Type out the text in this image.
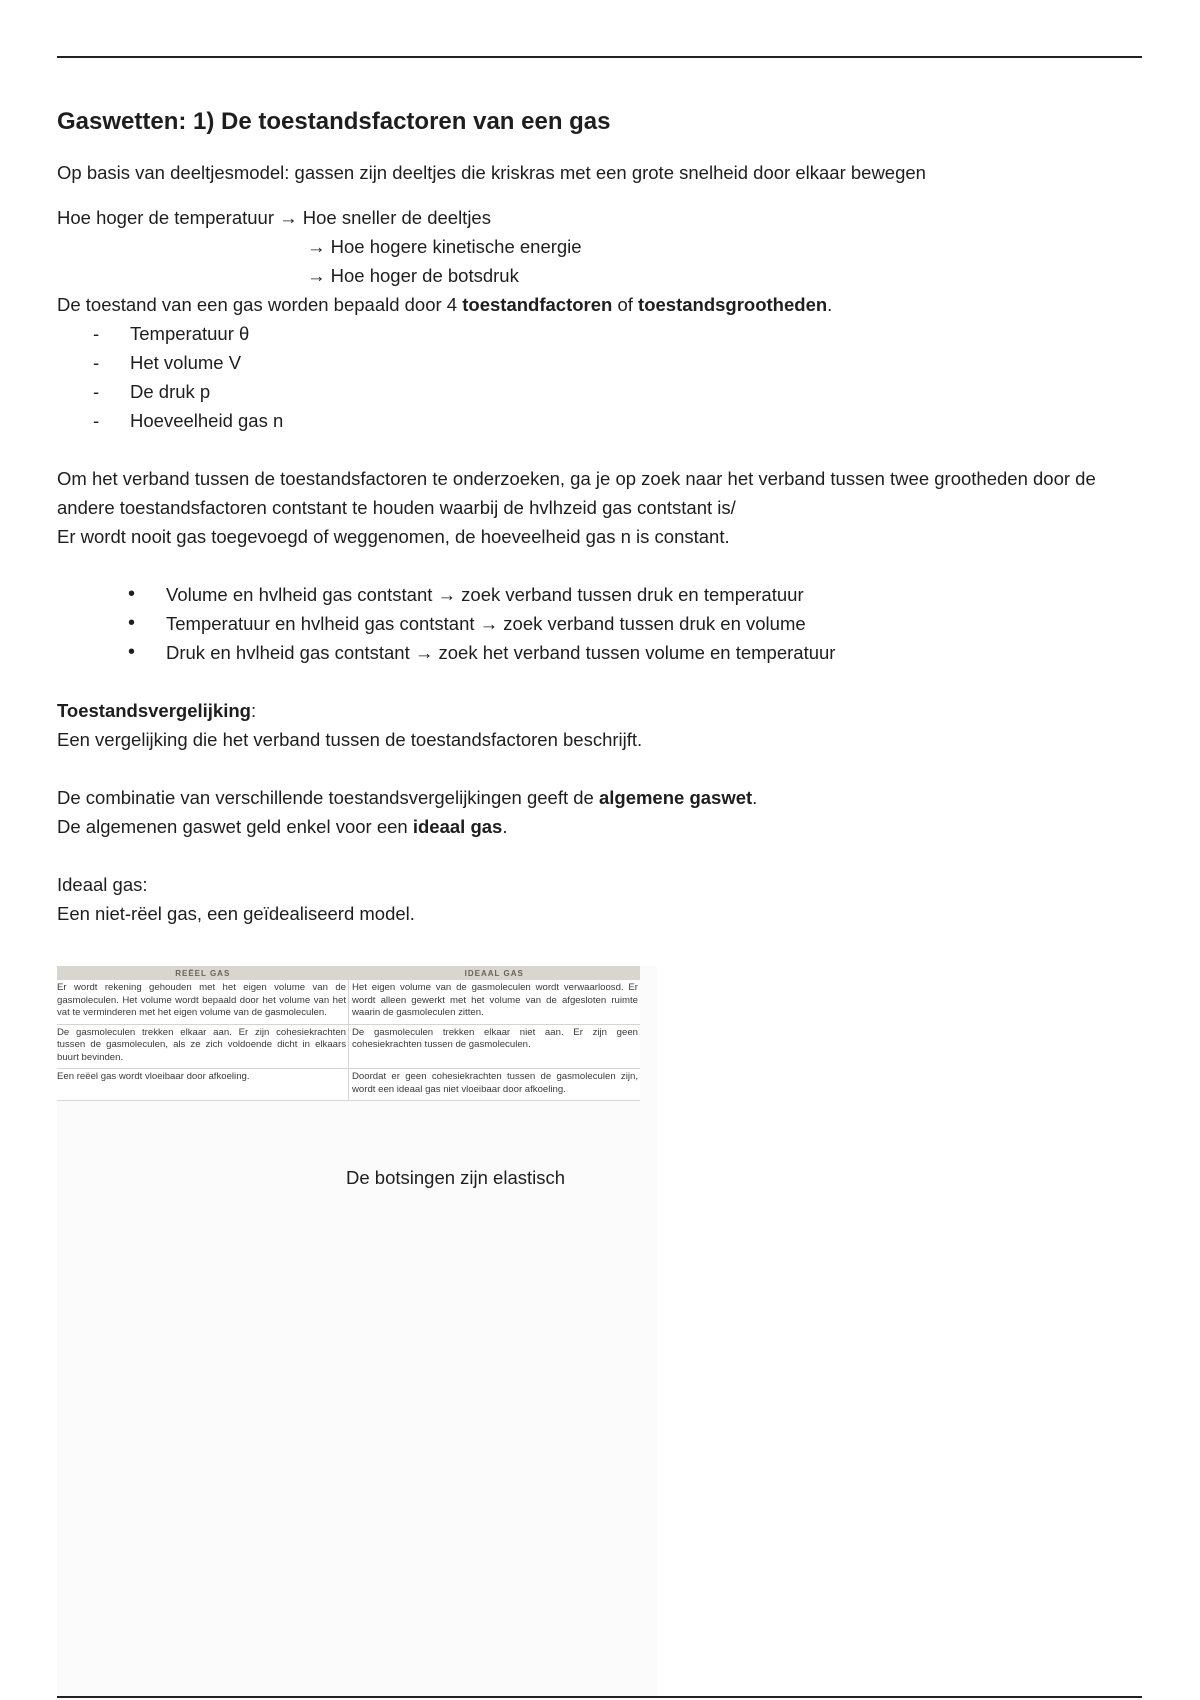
Gaswetten: 1) De toestandsfactoren van een gas

Op basis van deeltjesmodel: gassen zijn deeltjes die kriskras met een grote snelheid door elkaar bewegen

Hoe hoger de temperatuur → Hoe sneller de deeltjes

→ Hoe hogere kinetische energie

→ Hoe hoger de botsdruk

De toestand van een gas worden bepaald door 4 toestandfactoren of toestandsgrootheden.

- Temperatuur θ
- Het volume V
- De druk p
- Hoeveelheid gas n

Om het verband tussen de toestandsfactoren te onderzoeken, ga je op zoek naar het verband tussen twee grootheden door de andere toestandsfactoren contstant te houden waarbij de hvlhzeid gas contstant is/

Er wordt nooit gas toegevoegd of weggenomen, de hoeveelheid gas n is constant.

• Volume en hvlheid gas contstant → zoek verband tussen druk en temperatuur
• Temperatuur en hvlheid gas contstant → zoek verband tussen druk en volume
• Druk en hvlheid gas contstant → zoek het verband tussen volume en temperatuur

Toestandsvergelijking:

Een vergelijking die het verband tussen de toestandsfactoren beschrijft.

De combinatie van verschillende toestandsvergelijkingen geeft de algemene gaswet.

De algemenen gaswet geld enkel voor een ideaal gas.

Ideaal gas:

Een niet-rëel gas, een geïdealiseerd model.

REËEL GAS	IDEAAL GAS
Er wordt rekening gehouden met het eigen volume van de gasmoleculen. Het volume wordt bepaald door het volume van het vat te verminderen met het eigen volume van de gasmoleculen.	Het eigen volume van de gasmoleculen wordt verwaarloosd. Er wordt alleen gewerkt met het volume van de afgesloten ruimte waarin de gasmoleculen zitten.
De gasmoleculen trekken elkaar aan. Er zijn cohesiekrachten tussen de gasmoleculen, als ze zich voldoende dicht in elkaars buurt bevinden.	De gasmoleculen trekken elkaar niet aan. Er zijn geen cohesiekrachten tussen de gasmoleculen.
Een reëel gas wordt vloeibaar door afkoeling.	Doordat er geen cohesiekrachten tussen de gasmoleculen zijn, wordt een ideaal gas niet vloeibaar door afkoeling.
De botsingen zijn elastisch
